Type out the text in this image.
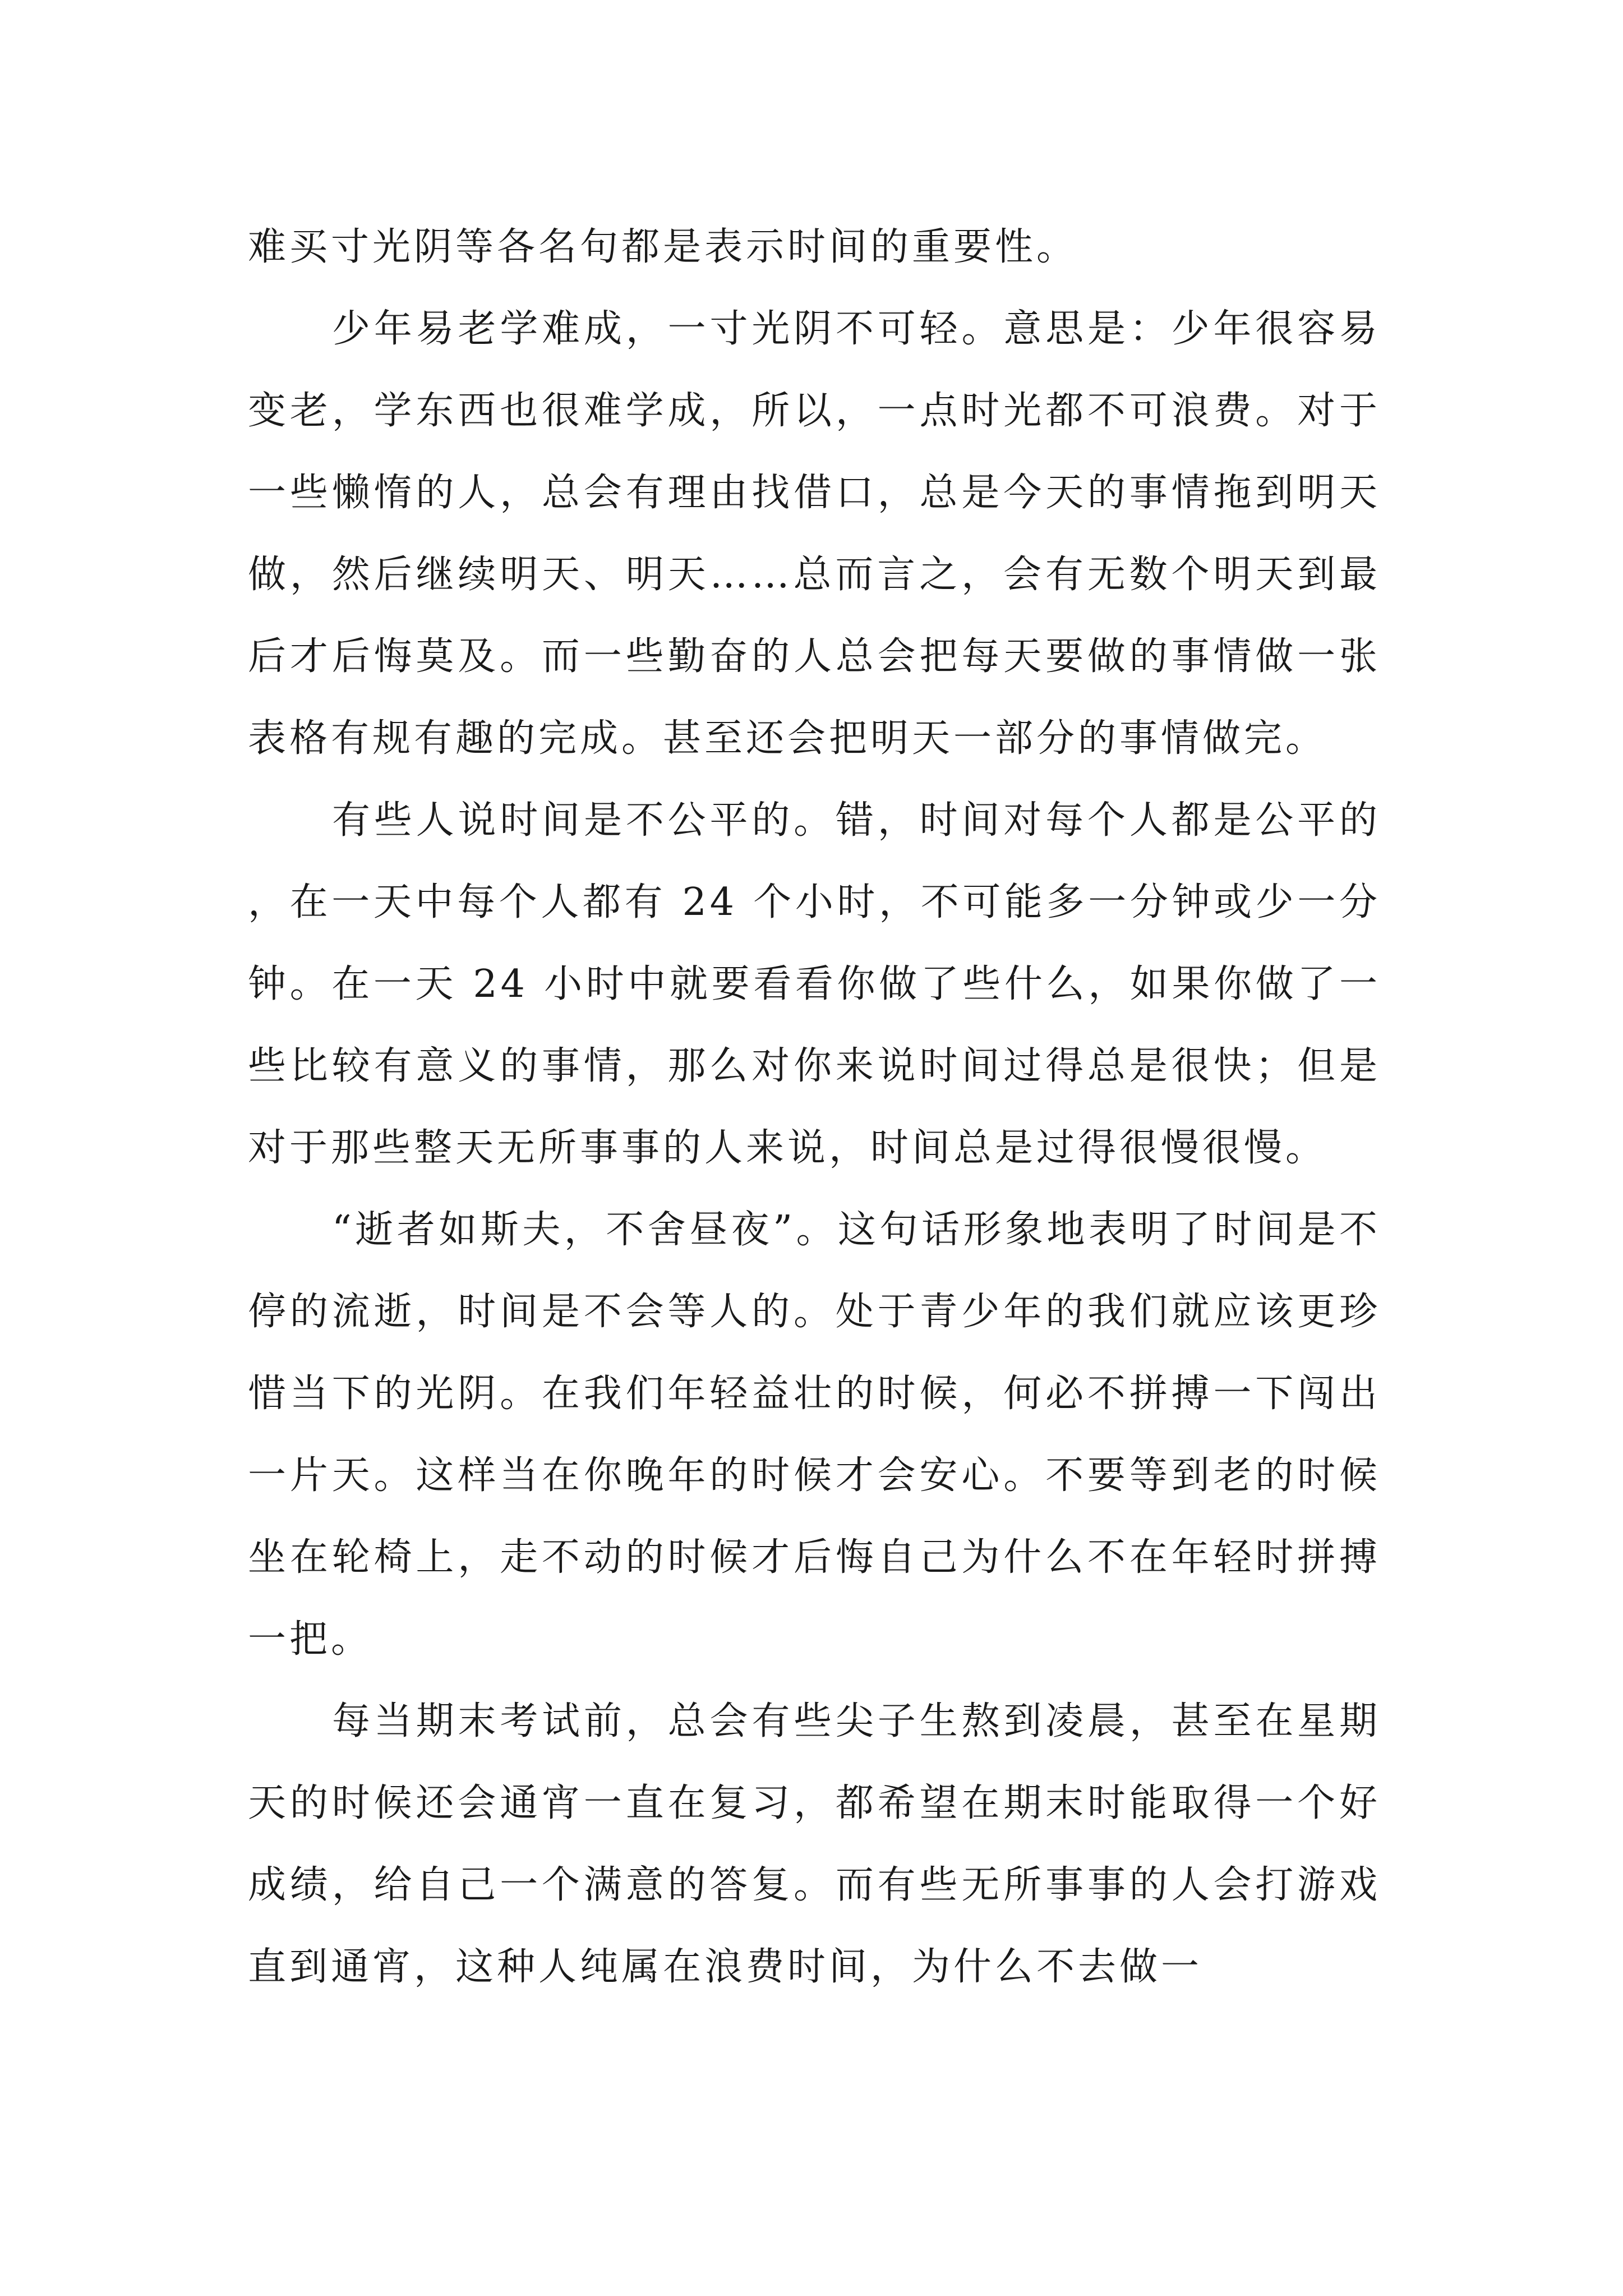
难买寸光阴等各名句都是表示时间的重要性。

少年易老学难成，一寸光阴不可轻。意思是：少年很容易变老，学东西也很难学成，所以，一点时光都不可浪费。对于一些懒惰的人，总会有理由找借口，总是今天的事情拖到明天做，然后继续明天、明天……总而言之，会有无数个明天到最后才后悔莫及。而一些勤奋的人总会把每天要做的事情做一张表格有规有趣的完成。甚至还会把明天一部分的事情做完。

有些人说时间是不公平的。错，时间对每个人都是公平的，在一天中每个人都有 24 个小时，不可能多一分钟或少一分钟。在一天 24 小时中就要看看你做了些什么，如果你做了一些比较有意义的事情，那么对你来说时间过得总是很快；但是对于那些整天无所事事的人来说，时间总是过得很慢很慢。

“逝者如斯夫，不舍昼夜”。这句话形象地表明了时间是不停的流逝，时间是不会等人的。处于青少年的我们就应该更珍惜当下的光阴。在我们年轻益壮的时候，何必不拼搏一下闯出一片天。这样当在你晚年的时候才会安心。不要等到老的时候坐在轮椅上，走不动的时候才后悔自己为什么不在年轻时拼搏一把。

每当期末考试前，总会有些尖子生熬到凌晨，甚至在星期天的时候还会通宵一直在复习，都希望在期末时能取得一个好成绩，给自己一个满意的答复。而有些无所事事的人会打游戏直到通宵，这种人纯属在浪费时间，为什么不去做一
